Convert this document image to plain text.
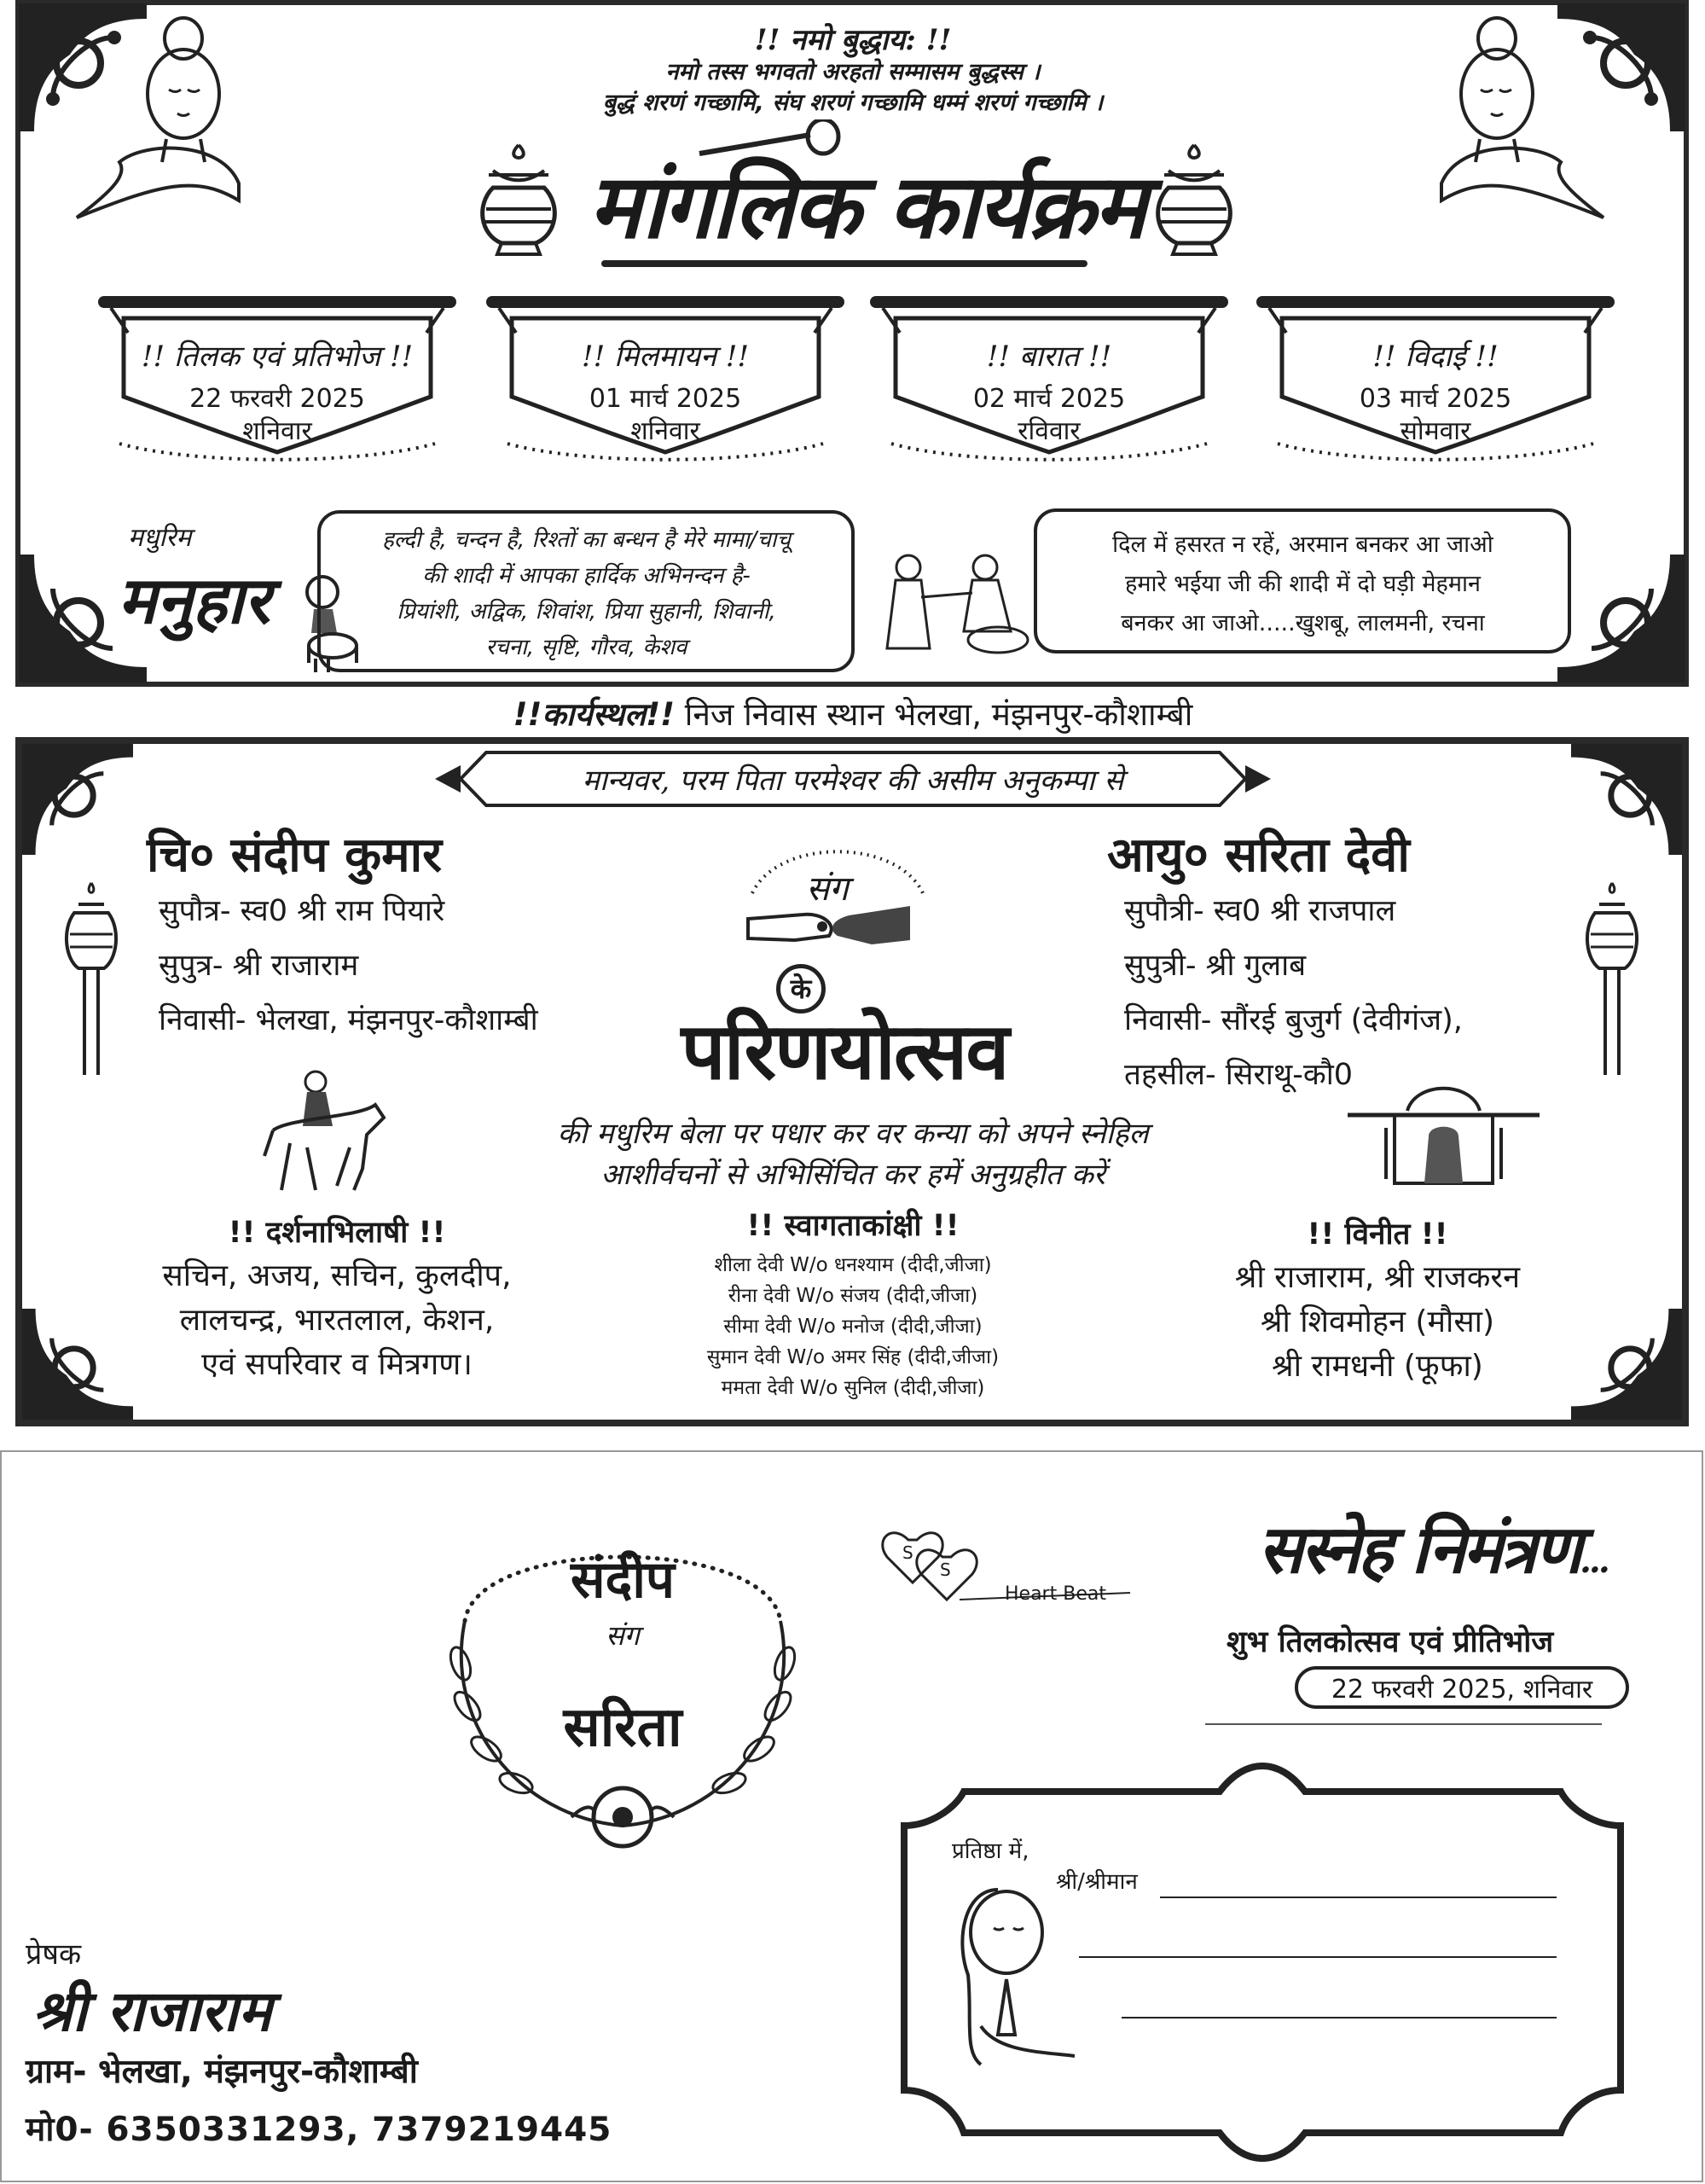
!! नमो बुद्धाय: !!
नमो तस्स भगवतो अरहतो सम्मासम बुद्धस्स ।
बुद्धं शरणं गच्छामि, संघ शरणं गच्छामि धम्मं शरणं गच्छामि ।
मांगलिक कार्यक्रम
!! तिलक एवं प्रतिभोज !!
22 फरवरी 2025
शनिवार
!! मिलमायन !!
01 मार्च 2025
शनिवार
!! बारात !!
02 मार्च 2025
रविवार
!! विदाई !!
03 मार्च 2025
सोमवार
मधुरिम
मनुहार
हल्दी है, चन्दन है, रिश्तों का बन्धन है मेरे मामा/चाचू
की शादी में आपका हार्दिक अभिनन्दन है-
प्रियांशी, अद्विक, शिवांश, प्रिया सुहानी, शिवानी,
रचना, सृष्टि, गौरव, केशव
दिल में हसरत न रहें, अरमान बनकर आ जाओ
हमारे भईया जी की शादी में दो घड़ी मेहमान
बनकर आ जाओ.....खुशबू, लालमनी, रचना
!!कार्यस्थल!! निज निवास स्थान भेलखा, मंझनपुर-कौशाम्बी
मान्यवर, परम पिता परमेश्वर की असीम अनुकम्पा से
चि० संदीप कुमार
सुपौत्र- स्व0 श्री राम पियारे
सुपुत्र- श्री राजाराम
निवासी- भेलखा, मंझनपुर-कौशाम्बी
आयु० सरिता देवी
सुपौत्री- स्व0 श्री राजपाल
सुपुत्री- श्री गुलाब
निवासी- सौंरई बुजुर्ग (देवीगंज),
तहसील- सिराथू-कौ0
संग
के
परिणयोत्सव
की मधुरिम बेला पर पधार कर वर कन्या को अपने स्नेहिल
आशीर्वचनों से अभिसिंचित कर हमें अनुग्रहीत करें
!! दर्शनाभिलाषी !!
सचिन, अजय, सचिन, कुलदीप,
लालचन्द्र, भारतलाल, केशन,
एवं सपरिवार व मित्रगण।
!! स्वागताकांक्षी !!
शीला देवी W/o धनश्याम (दीदी,जीजा)
रीना देवी W/o संजय (दीदी,जीजा)
सीमा देवी W/o मनोज (दीदी,जीजा)
सुमान देवी W/o अमर सिंह (दीदी,जीजा)
ममता देवी W/o सुनिल (दीदी,जीजा)
!! विनीत !!
श्री राजाराम, श्री राजकरन
श्री शिवमोहन (मौसा)
श्री रामधनी (फूफा)
संदीप
संग
सरिता
S
S
Heart Beat
सस्नेह निमंत्रण...
शुभ तिलकोत्सव एवं प्रीतिभोज
22 फरवरी 2025, शनिवार
प्रतिष्ठा में,
श्री/श्रीमान
प्रेषक
श्री राजाराम
ग्राम- भेलखा, मंझनपुर-कौशाम्बी
मो0- 6350331293, 7379219445
